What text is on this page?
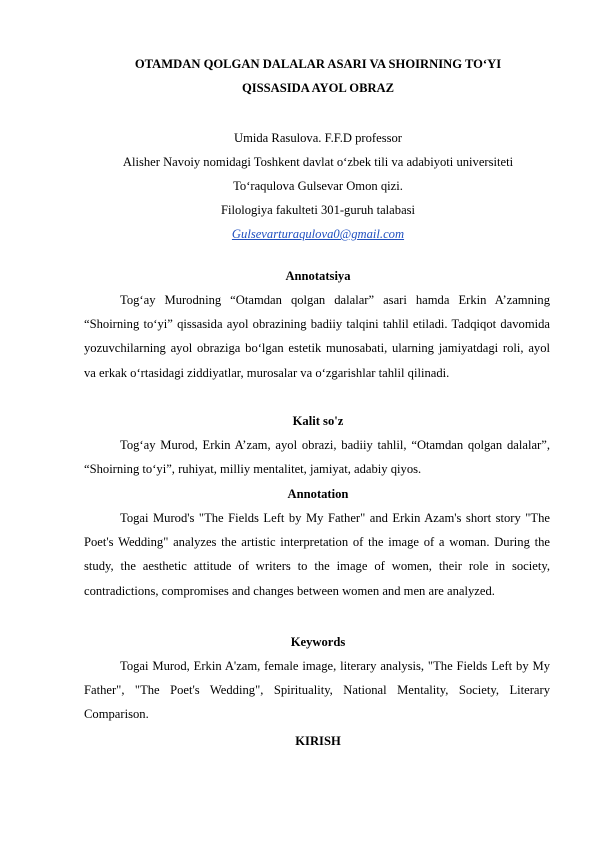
OTAMDAN QOLGAN DALALAR ASARI VA SHOIRNING TO‘YI
QISSASIDA AYOL OBRAZ
Umida Rasulova. F.F.D professor
Alisher Navoiy nomidagi Toshkent davlat o‘zbek tili va adabiyoti universiteti
To‘raqulova Gulsevar Omon qizi.
Filologiya fakulteti 301-guruh talabasi
Gulsevarturaqulova0@gmail.com
Annotatsiya
Tog‘ay Murodning “Otamdan qolgan dalalar” asari hamda Erkin A’zamning “Shoirning to‘yi” qissasida ayol obrazining badiiy talqini tahlil etiladi. Tadqiqot davomida yozuvchilarning ayol obraziga bo‘lgan estetik munosabati, ularning jamiyatdagi roli, ayol va erkak o‘rtasidagi ziddiyatlar, murosalar va o‘zgarishlar tahlil qilinadi.
Kalit so'z
Tog‘ay Murod, Erkin A’zam, ayol obrazi, badiiy tahlil, “Otamdan qolgan dalalar”, “Shoirning to‘yi”, ruhiyat, milliy mentalitet, jamiyat, adabiy qiyos.
Annotation
Togai Murod's "The Fields Left by My Father" and Erkin Azam's short story "The Poet's Wedding" analyzes the artistic interpretation of the image of a woman. During the study, the aesthetic attitude of writers to the image of women, their role in society, contradictions, compromises and changes between women and men are analyzed.
Keywords
Togai Murod, Erkin A'zam, female image, literary analysis, "The Fields Left by My Father", "The Poet's Wedding", Spirituality, National Mentality, Society, Literary Comparison.
KIRISH
